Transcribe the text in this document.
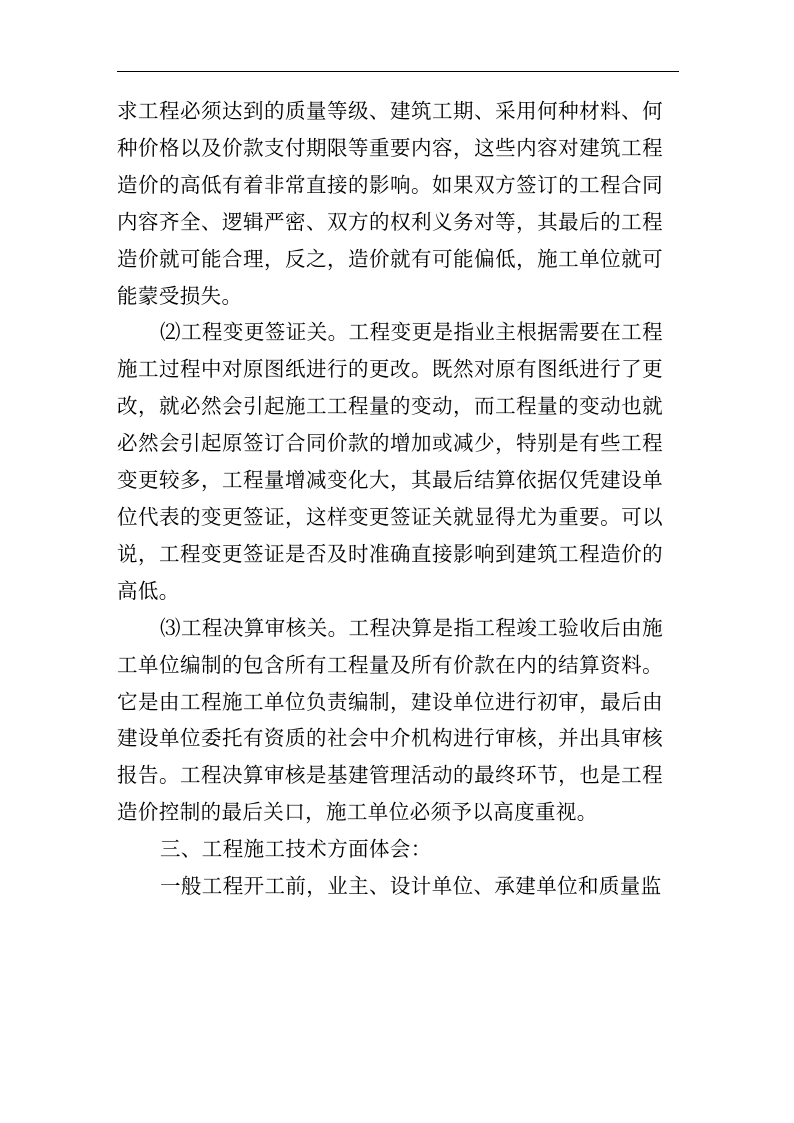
求工程必须达到的质量等级、建筑工期、采用何种材料、何种价格以及价款支付期限等重要内容，这些内容对建筑工程造价的高低有着非常直接的影响。如果双方签订的工程合同内容齐全、逻辑严密、双方的权利义务对等，其最后的工程造价就可能合理，反之，造价就有可能偏低，施工单位就可能蒙受损失。

⑵工程变更签证关。工程变更是指业主根据需要在工程施工过程中对原图纸进行的更改。既然对原有图纸进行了更改，就必然会引起施工工程量的变动，而工程量的变动也就必然会引起原签订合同价款的增加或减少，特别是有些工程变更较多，工程量增减变化大，其最后结算依据仅凭建设单位代表的变更签证，这样变更签证关就显得尤为重要。可以说，工程变更签证是否及时准确直接影响到建筑工程造价的高低。

⑶工程决算审核关。工程决算是指工程竣工验收后由施工单位编制的包含所有工程量及所有价款在内的结算资料。它是由工程施工单位负责编制，建设单位进行初审，最后由建设单位委托有资质的社会中介机构进行审核，并出具审核报告。工程决算审核是基建管理活动的最终环节，也是工程造价控制的最后关口，施工单位必须予以高度重视。

三、工程施工技术方面体会：

一般工程开工前，业主、设计单位、承建单位和质量监
